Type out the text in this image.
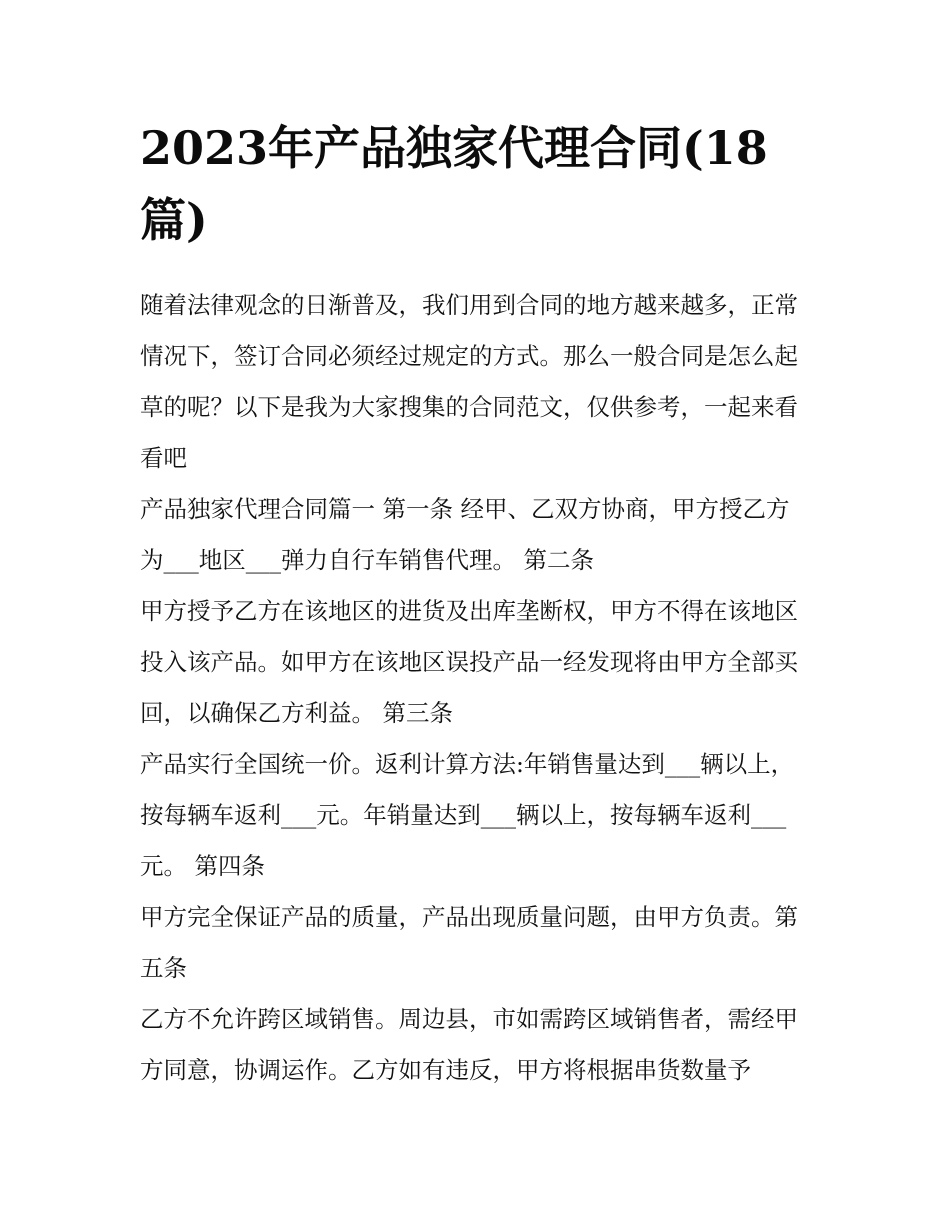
2023年产品独家代理合同(18篇)

随着法律观念的日渐普及，我们用到合同的地方越来越多，正常情况下，签订合同必须经过规定的方式。那么一般合同是怎么起草的呢？以下是我为大家搜集的合同范文，仅供参考，一起来看看吧

产品独家代理合同篇一 第一条 经甲、乙双方协商，甲方授乙方为___地区___弹力自行车销售代理。 第二条

甲方授予乙方在该地区的进货及出库垄断权，甲方不得在该地区投入该产品。如甲方在该地区误投产品一经发现将由甲方全部买回，以确保乙方利益。 第三条

产品实行全国统一价。返利计算方法:年销售量达到___辆以上，按每辆车返利___元。年销量达到___辆以上，按每辆车返利___元。 第四条

甲方完全保证产品的质量，产品出现质量问题，由甲方负责。第五条

乙方不允许跨区域销售。周边县，市如需跨区域销售者，需经甲方同意，协调运作。乙方如有违反，甲方将根据串货数量予
